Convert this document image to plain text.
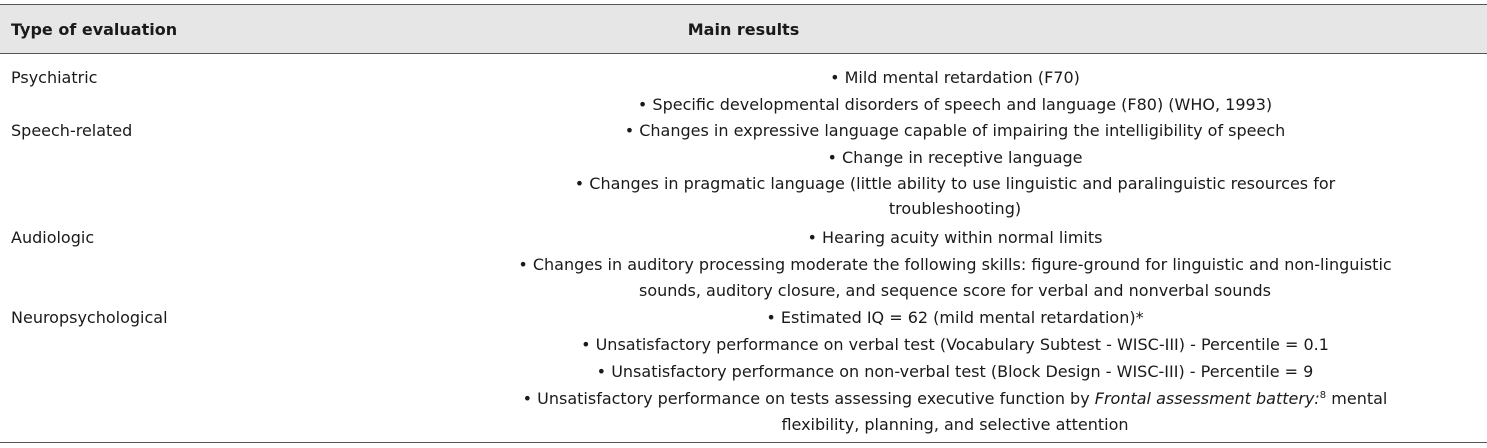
Type of evaluation	Main results
Psychiatric	• Mild mental retardation (F70)
• Specific developmental disorders of speech and language (F80) (WHO, 1993)
Speech-related	• Changes in expressive language capable of impairing the intelligibility of speech
• Change in receptive language
• Changes in pragmatic language (little ability to use linguistic and paralinguistic resources for
troubleshooting)
Audiologic	• Hearing acuity within normal limits
• Changes in auditory processing moderate the following skills: figure-ground for linguistic and non-linguistic
sounds, auditory closure, and sequence score for verbal and nonverbal sounds
Neuropsychological	• Estimated IQ = 62 (mild mental retardation)*
• Unsatisfactory performance on verbal test (Vocabulary Subtest - WISC-III) - Percentile = 0.1
• Unsatisfactory performance on non-verbal test (Block Design - WISC-III) - Percentile = 9
• Unsatisfactory performance on tests assessing executive function by Frontal assessment battery:$^8$ mental
flexibility, planning, and selective attention
